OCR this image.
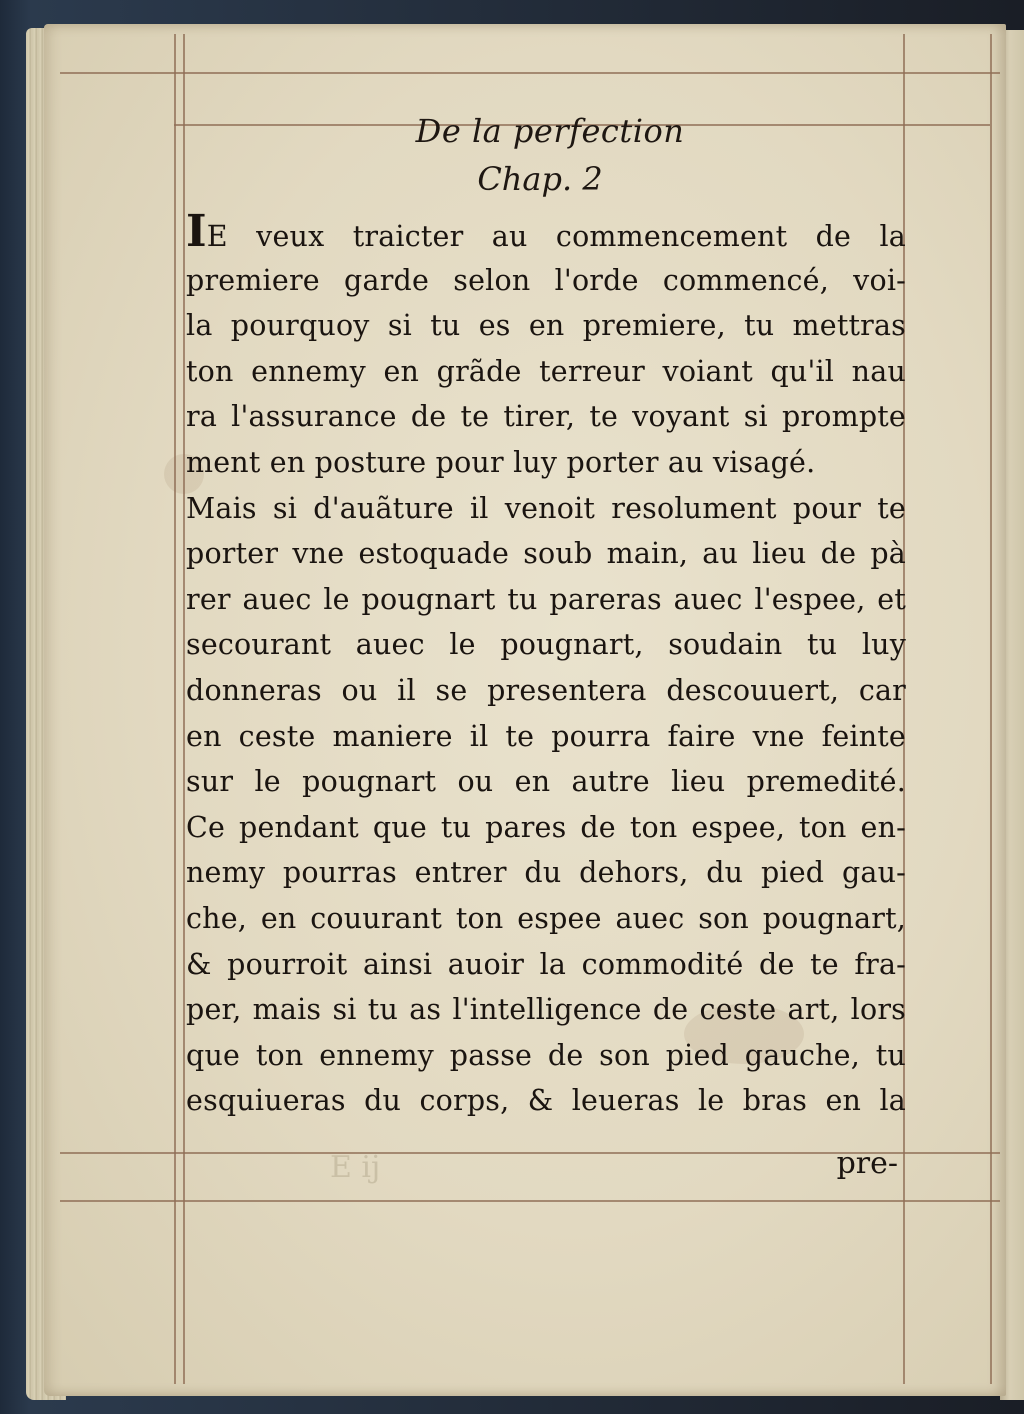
De la perfection
Chap. 2
IE veux traicter au commencement de la
premiere garde selon l'orde commencé, voi-
la pourquoy si tu es en premiere, tu mettras
ton ennemy en grãde terreur voiant qu'il nau
ra l'assurance de te tirer, te voyant si prompte
ment en posture pour luy porter au visagé.
Mais si d'auãture il venoit resolument pour te
porter vne estoquade soub main, au lieu de pà
rer auec le pougnart tu pareras auec l'espee, et
secourant auec le pougnart, soudain tu luy
donneras ou il se presentera descouuert, car
en ceste maniere il te pourra faire vne feinte
sur le pougnart ou en autre lieu premedité.
Ce pendant que tu pares de ton espee, ton en-
nemy pourras entrer du dehors, du pied gau-
che, en couurant ton espee auec son pougnart,
& pourroit ainsi auoir la commodité de te fra-
per, mais si tu as l'intelligence de ceste art, lors
que ton ennemy passe de son pied gauche, tu
esquiueras du corps, & leueras le bras en la
E ij	pre-
